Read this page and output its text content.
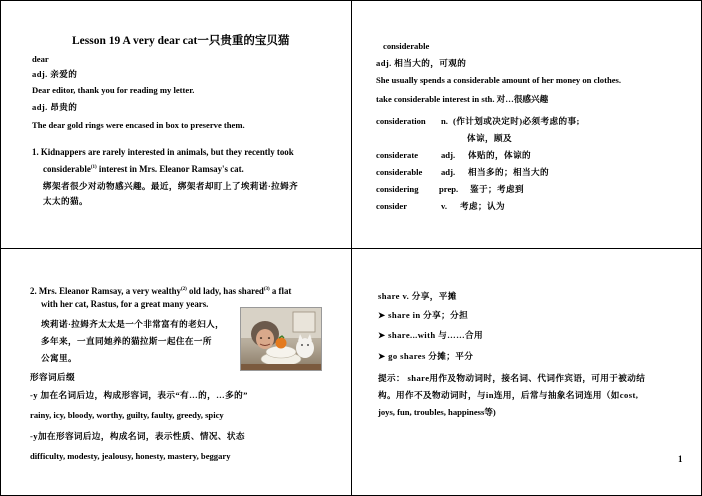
Lesson 19 A very dear cat一只贵重的宝贝猫
dear
adj. 亲爱的
Dear editor, thank you for reading my letter.
adj. 昂贵的
The dear gold rings were encased in box to preserve them.
1. Kidnappers are rarely interested in animals, but they recently took
considerable$^{(1)}$ interest in Mrs. Eleanor Ramsay's cat.
绑架者很少对动物感兴趣。最近，绑架者却盯上了埃莉诺·拉姆齐
太太的猫。
considerable
adj. 相当大的，可观的
She usually spends a considerable amount of her money on clothes.
take considerable interest in sth. 对…很感兴趣
consideration n. (作计划或决定时)必须考虑的事;
体谅，顾及
considerate	adj. 体贴的，体谅的
considerable adj. 相当多的；相当大的
considering prep. 鉴于；考虑到
consider	v. 考虑；认为
2. Mrs. Eleanor Ramsay, a very wealthy$^{(2)}$ old lady, has shared$^{(3)}$ a flat
with her cat, Rastus, for a great many years.
埃莉诺·拉姆齐太太是一个非常富有的老妇人，
多年来，一直同她养的猫拉斯一起住在一所
公寓里。
形容词后缀
-y 加在名词后边，构成形容词，表示“有…的，…多的”
rainy, icy, bloody, worthy, guilty, faulty, greedy, spicy
-y加在形容词后边，构成名词，表示性质、情况、状态
difficulty, modesty, jealousy, honesty, mastery, beggary
share v. 分享，平摊
➤ share in 分享；分担
➤ share...with 与……合用
➤ go shares 分摊；平分
提示： share用作及物动词时，接名词、代词作宾语，可用于被动结
构。用作不及物动词时，与in连用，后常与抽象名词连用（如cost,
joys, fun, troubles, happiness等)
1
